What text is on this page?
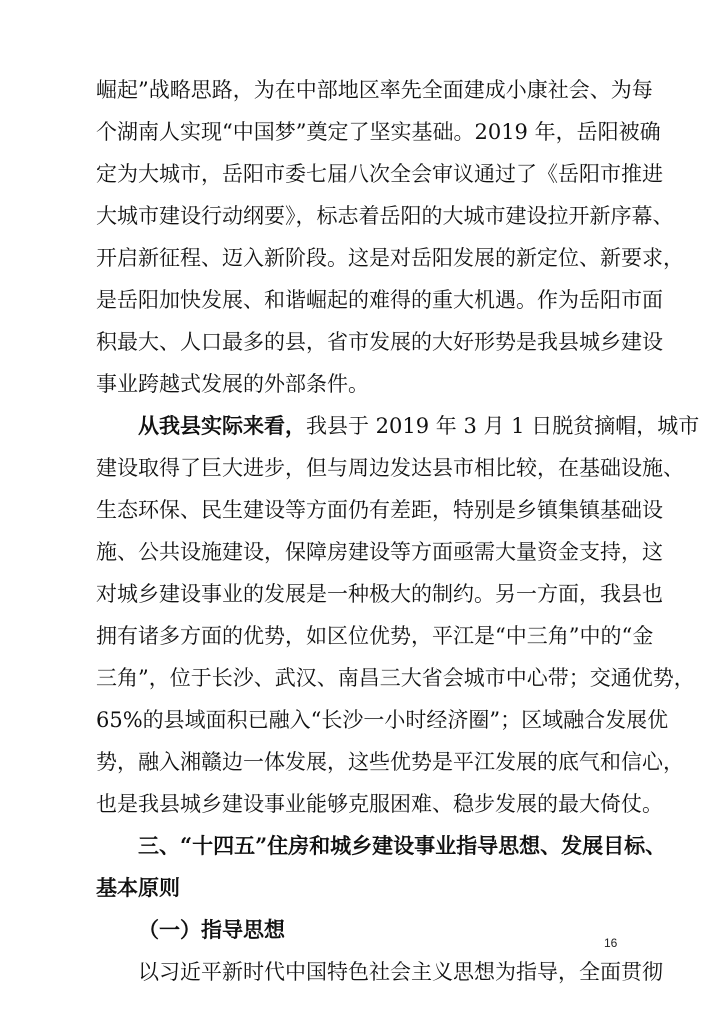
崛起”战略思路，为在中部地区率先全面建成小康社会、为每
个湖南人实现“中国梦”奠定了坚实基础。2019 年，岳阳被确
定为大城市，岳阳市委七届八次全会审议通过了《岳阳市推进
大城市建设行动纲要》，标志着岳阳的大城市建设拉开新序幕、
开启新征程、迈入新阶段。这是对岳阳发展的新定位、新要求，
是岳阳加快发展、和谐崛起的难得的重大机遇。作为岳阳市面
积最大、人口最多的县，省市发展的大好形势是我县城乡建设
事业跨越式发展的外部条件。
从我县实际来看，我县于 2019 年 3 月 1 日脱贫摘帽，城市
建设取得了巨大进步，但与周边发达县市相比较，在基础设施、
生态环保、民生建设等方面仍有差距，特别是乡镇集镇基础设
施、公共设施建设，保障房建设等方面亟需大量资金支持，这
对城乡建设事业的发展是一种极大的制约。另一方面，我县也
拥有诸多方面的优势，如区位优势，平江是“中三角”中的“金
三角”，位于长沙、武汉、南昌三大省会城市中心带；交通优势，
65%的县域面积已融入“长沙一小时经济圈”；区域融合发展优
势，融入湘赣边一体发展，这些优势是平江发展的底气和信心，
也是我县城乡建设事业能够克服困难、稳步发展的最大倚仗。
三、“十四五”住房和城乡建设事业指导思想、发展目标、
基本原则
16
（一）指导思想
以习近平新时代中国特色社会主义思想为指导，全面贯彻
